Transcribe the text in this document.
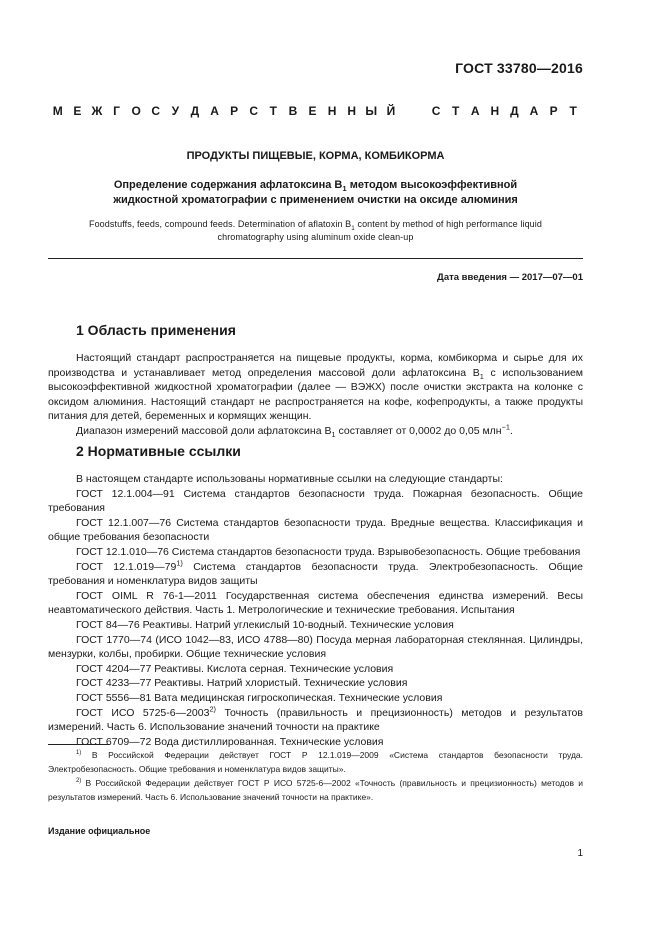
ГОСТ 33780—2016
М Е Ж Г О С У Д А Р С Т В Е Н Н Ы Й	С Т А Н Д А Р Т
ПРОДУКТЫ ПИЩЕВЫЕ, КОРМА, КОМБИКОРМА
Определение содержания афлатоксина $В_1$ методом высокоэффективной
жидкостной хроматографии с применением очистки на оксиде алюминия
Foodstuffs, feeds, compound feeds. Determination of aflatoxin $B_1$ content by method of high performance liquid
chromatography using aluminum oxide clean-up
Дата введения — 2017—07—01
1 Область применения

Настоящий стандарт распространяется на пищевые продукты, корма, комбикорма и сырье для их производства и устанавливает метод определения массовой доли афлатоксина $В_1$ с использованием высокоэффективной жидкостной хроматографии (далее — ВЭЖХ) после очистки экстракта на колонке с оксидом алюминия. Настоящий стандарт не распространяется на кофе, кофепродукты, а также продукты питания для детей, беременных и кормящих женщин.

Диапазон измерений массовой доли афлатоксина $В_1$ составляет от 0,0002 до 0,05 млн$^{-1}$.

2 Нормативные ссылки

В настоящем стандарте использованы нормативные ссылки на следующие стандарты:

ГОСТ 12.1.004—91 Система стандартов безопасности труда. Пожарная безопасность. Общие требования

ГОСТ 12.1.007—76 Система стандартов безопасности труда. Вредные вещества. Классификация и общие требования безопасности

ГОСТ 12.1.010—76 Система стандартов безопасности труда. Взрывобезопасность. Общие требования

ГОСТ 12.1.019—79$^{1)}$ Система стандартов безопасности труда. Электробезопасность. Общие требования и номенклатура видов защиты

ГОСТ OIML R 76-1—2011 Государственная система обеспечения единства измерений. Весы неавтоматического действия. Часть 1. Метрологические и технические требования. Испытания

ГОСТ 84—76 Реактивы. Натрий углекислый 10-водный. Технические условия

ГОСТ 1770—74 (ИСО 1042—83, ИСО 4788—80) Посуда мерная лабораторная стеклянная. Цилиндры, мензурки, колбы, пробирки. Общие технические условия

ГОСТ 4204—77 Реактивы. Кислота серная. Технические условия

ГОСТ 4233—77 Реактивы. Натрий хлористый. Технические условия

ГОСТ 5556—81 Вата медицинская гигроскопическая. Технические условия

ГОСТ ИСО 5725-6—2003$^{2)}$ Точность (правильность и прецизионность) методов и результатов измерений. Часть 6. Использование значений точности на практике

ГОСТ 6709—72 Вода дистиллированная. Технические условия

$^{1)}$ В Российской Федерации действует ГОСТ Р 12.1.019—2009 «Система стандартов безопасности труда. Электробезопасность. Общие требования и номенклатура видов защиты».

$^{2)}$ В Российской Федерации действует ГОСТ Р ИСО 5725-6—2002 «Точность (правильность и прецизионность) методов и результатов измерений. Часть 6. Использование значений точности на практике».

Издание официальное
1
